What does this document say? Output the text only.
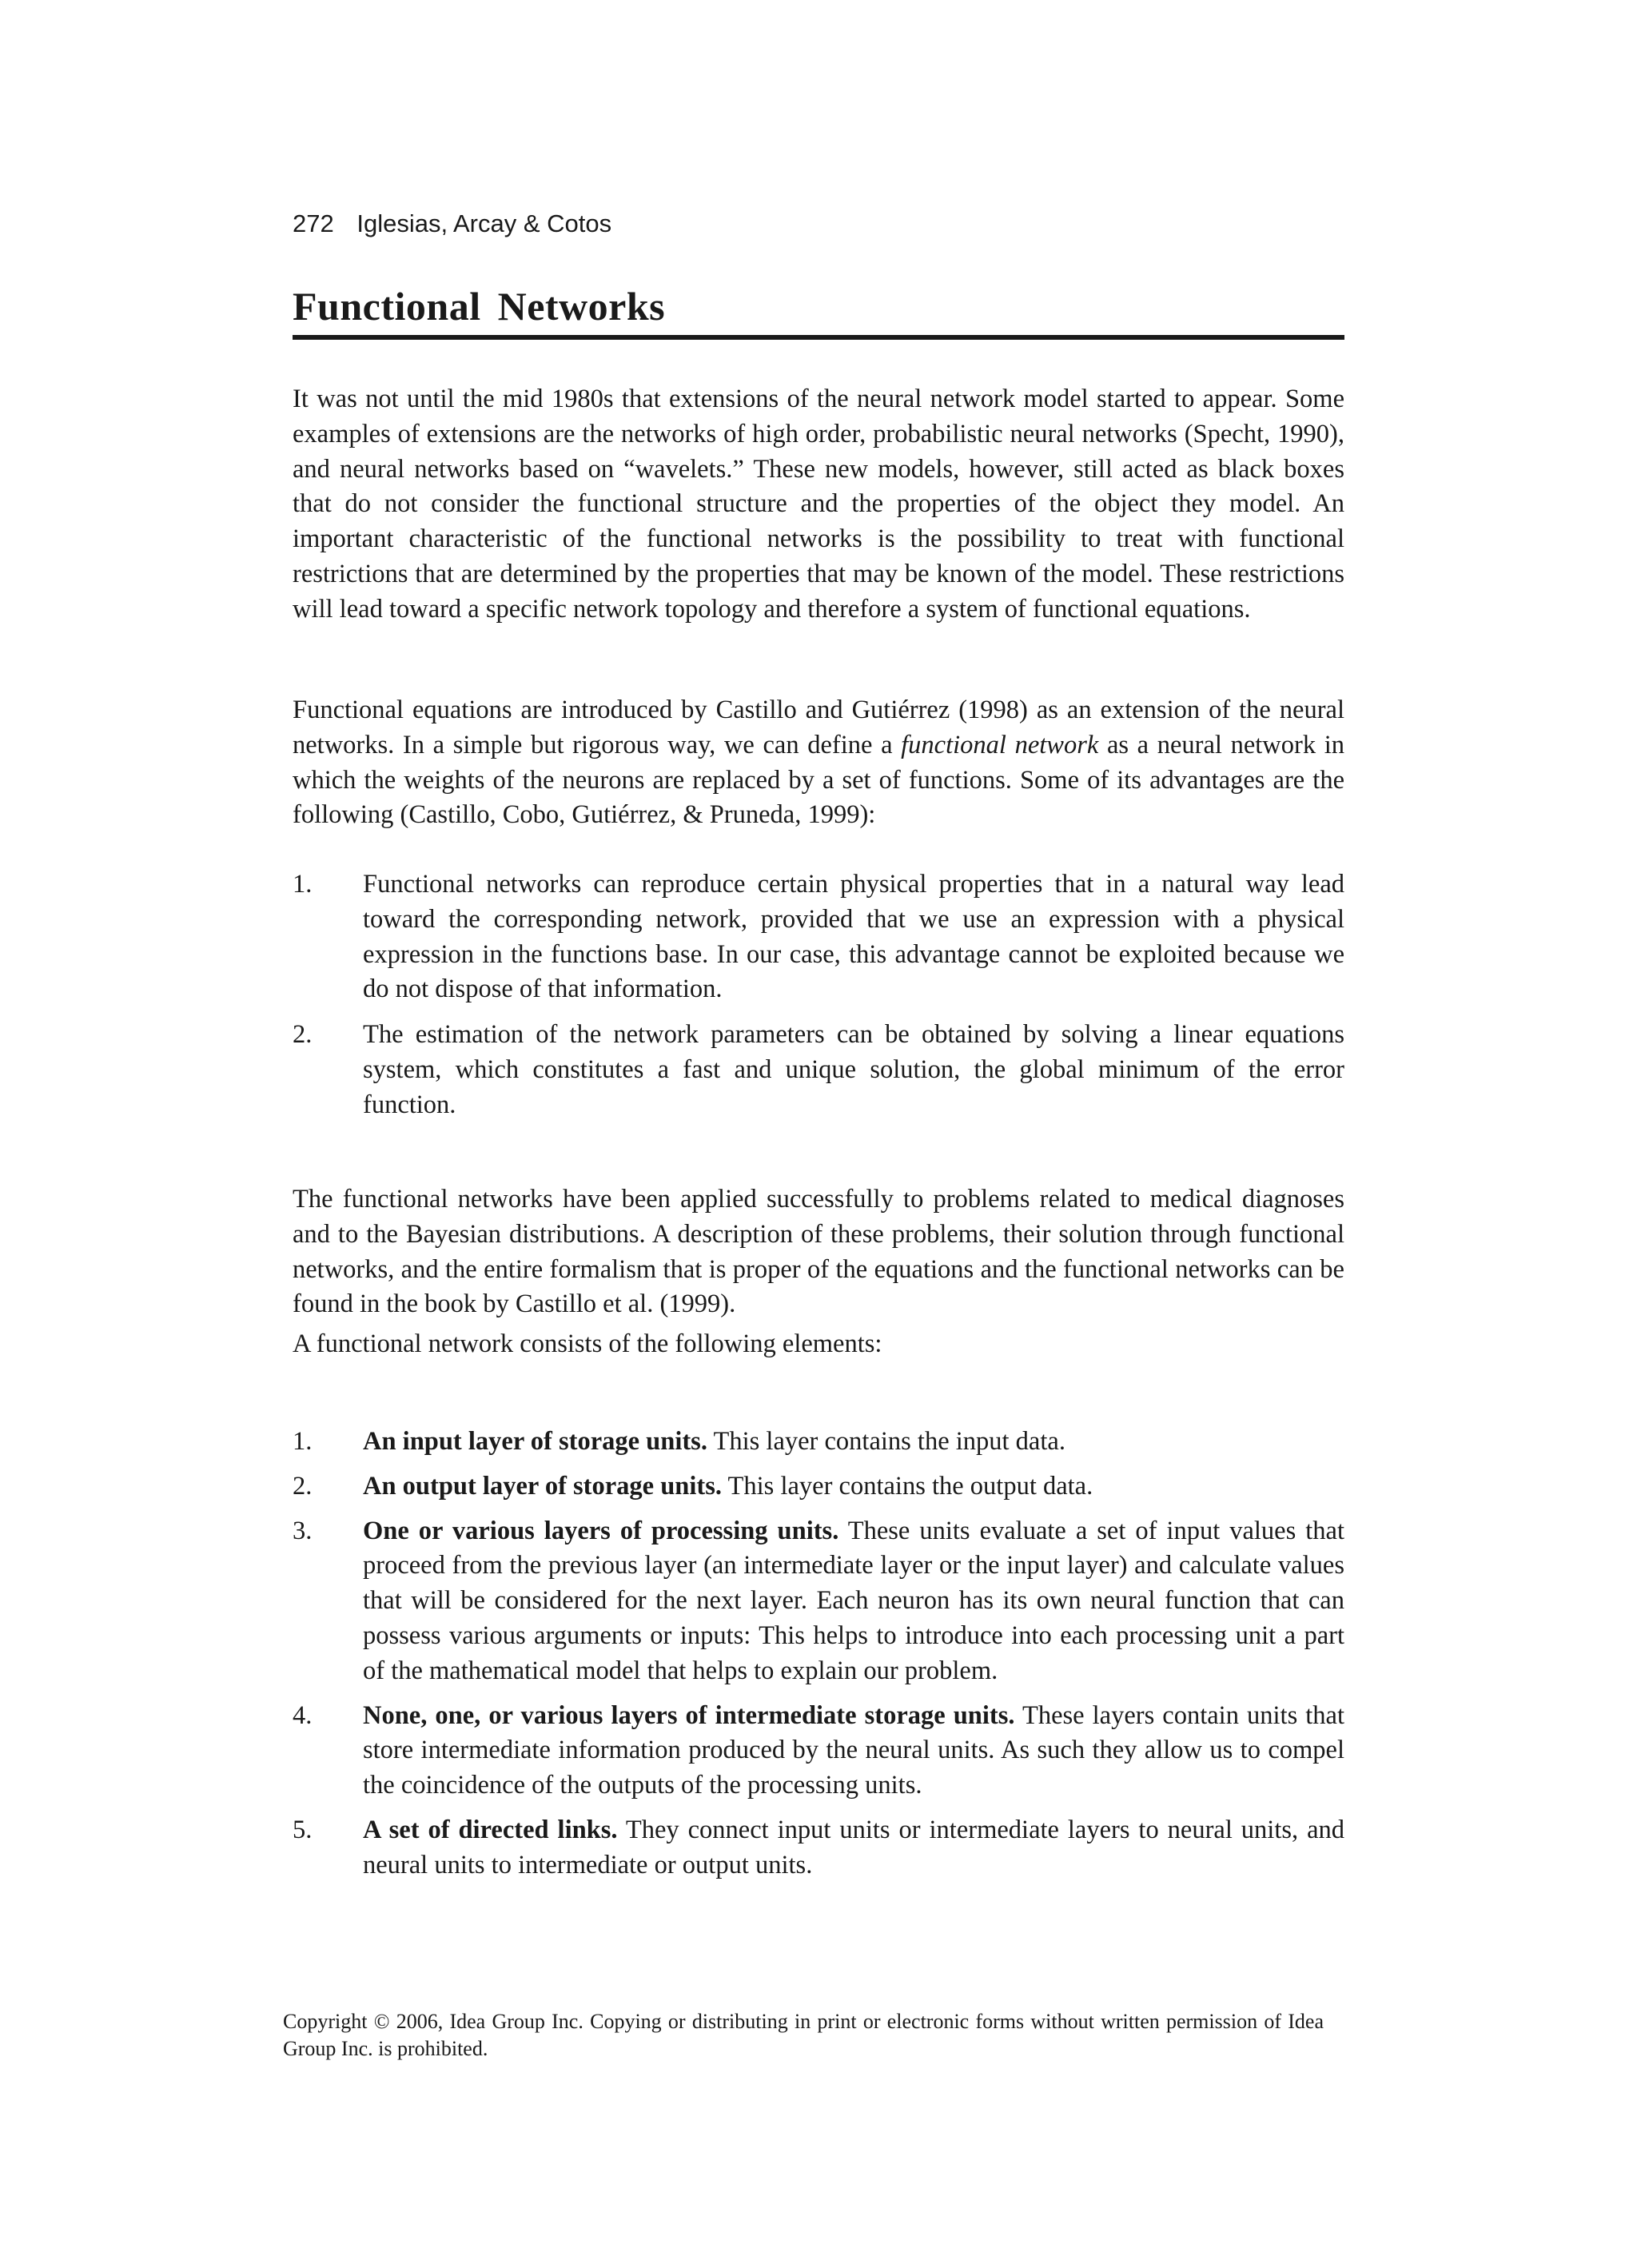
272 Iglesias, Arcay & Cotos
Functional Networks

It was not until the mid 1980s that extensions of the neural network model started to appear. Some examples of extensions are the networks of high order, probabilistic neural networks (Specht, 1990), and neural networks based on “wavelets.” These new models, however, still acted as black boxes that do not consider the functional structure and the properties of the object they model. An important characteristic of the functional networks is the possibility to treat with functional restrictions that are determined by the properties that may be known of the model. These restrictions will lead toward a specific network topology and therefore a system of functional equations.

Functional equations are introduced by Castillo and Gutiérrez (1998) as an extension of the neural networks. In a simple but rigorous way, we can define a functional network as a neural network in which the weights of the neurons are replaced by a set of functions. Some of its advantages are the following (Castillo, Cobo, Gutiérrez, & Pruneda, 1999):

1. Functional networks can reproduce certain physical properties that in a natural way lead toward the corresponding network, provided that we use an expression with a physical expression in the functions base. In our case, this advantage cannot be exploited because we do not dispose of that information.
2. The estimation of the network parameters can be obtained by solving a linear equations system, which constitutes a fast and unique solution, the global minimum of the error function.

The functional networks have been applied successfully to problems related to medical diagnoses and to the Bayesian distributions. A description of these problems, their solution through functional networks, and the entire formalism that is proper of the equations and the functional networks can be found in the book by Castillo et al. (1999).

A functional network consists of the following elements:

1. An input layer of storage units. This layer contains the input data.
2. An output layer of storage units. This layer contains the output data.
3. One or various layers of processing units. These units evaluate a set of input values that proceed from the previous layer (an intermediate layer or the input layer) and calculate values that will be considered for the next layer. Each neuron has its own neural function that can possess various arguments or inputs: This helps to introduce into each processing unit a part of the mathematical model that helps to explain our problem.
4. None, one, or various layers of intermediate storage units. These layers contain units that store intermediate information produced by the neural units. As such they allow us to compel the coincidence of the outputs of the processing units.
5. A set of directed links. They connect input units or intermediate layers to neural units, and neural units to intermediate or output units.

Copyright © 2006, Idea Group Inc. Copying or distributing in print or electronic forms without written permission of Idea Group Inc. is prohibited.
